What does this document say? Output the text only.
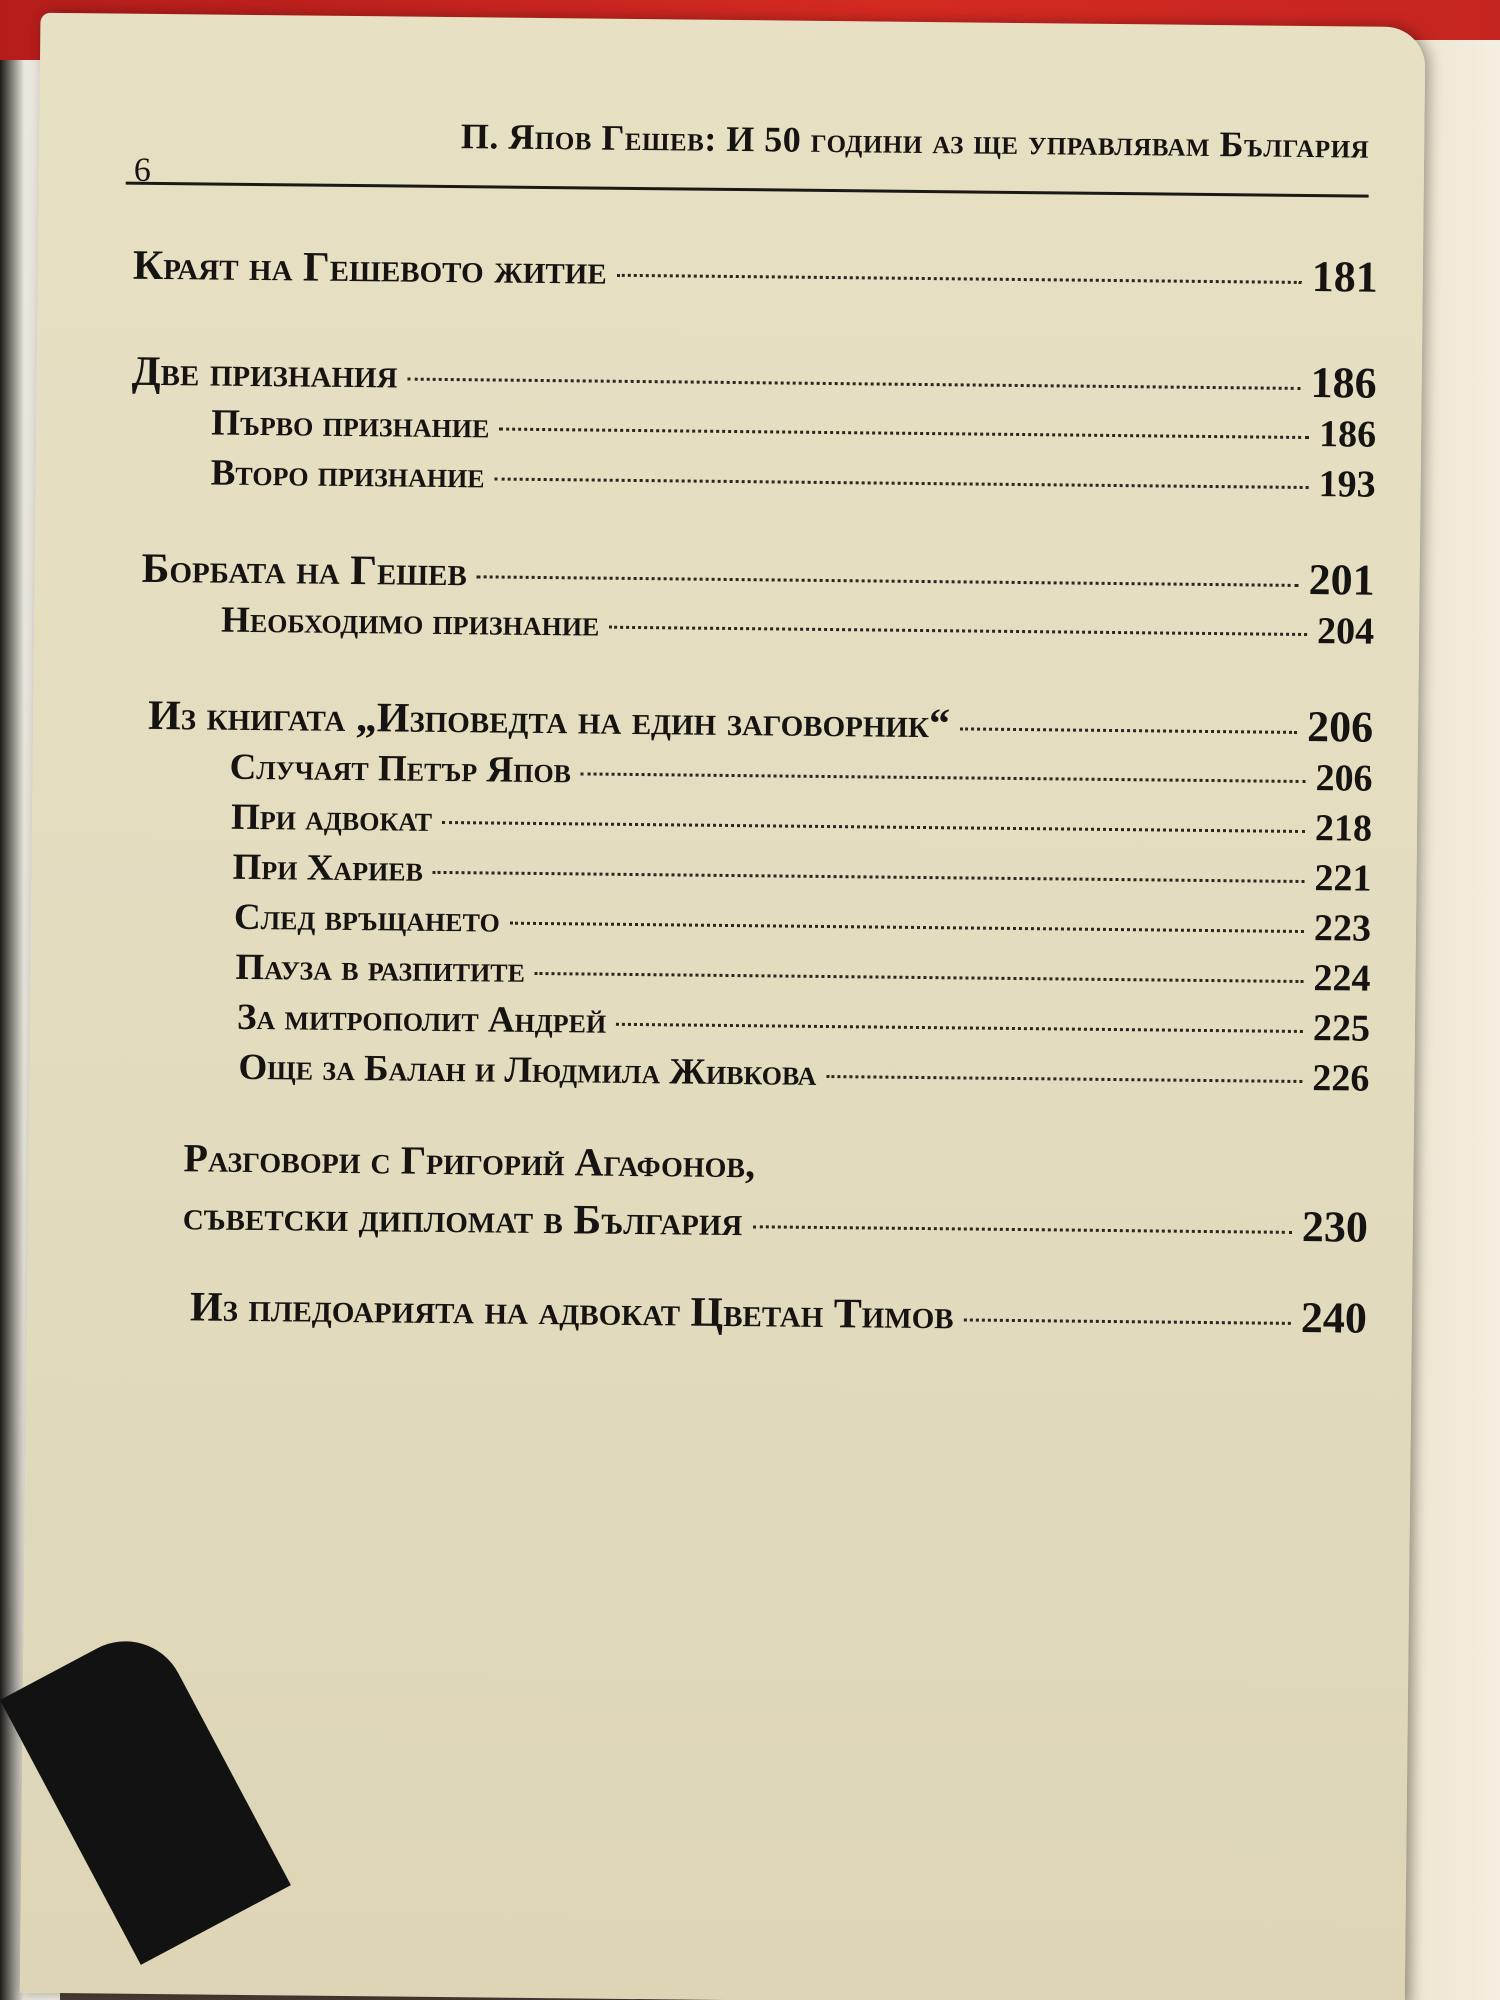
6
П. Япов Гешев: И 50 години аз ще управлявам България
Краят на Гешевото житие	181
Две признания	186
Първо признание	186
Второ признание	193
Борбата на Гешев	201
Необходимо признание	204
Из книгата „Изповедта на един заговорник“	206
Случаят Петър Япов	206
При адвокат	218
При Хариев	221
След връщането	223
Пауза в разпитите	224
За митрополит Андрей	225
Още за Балан и Людмила Живкова	226
Разговори с Григорий Агафонов,
съветски дипломат в България	230
Из пледоарията на адвокат Цветан Тимов	240
